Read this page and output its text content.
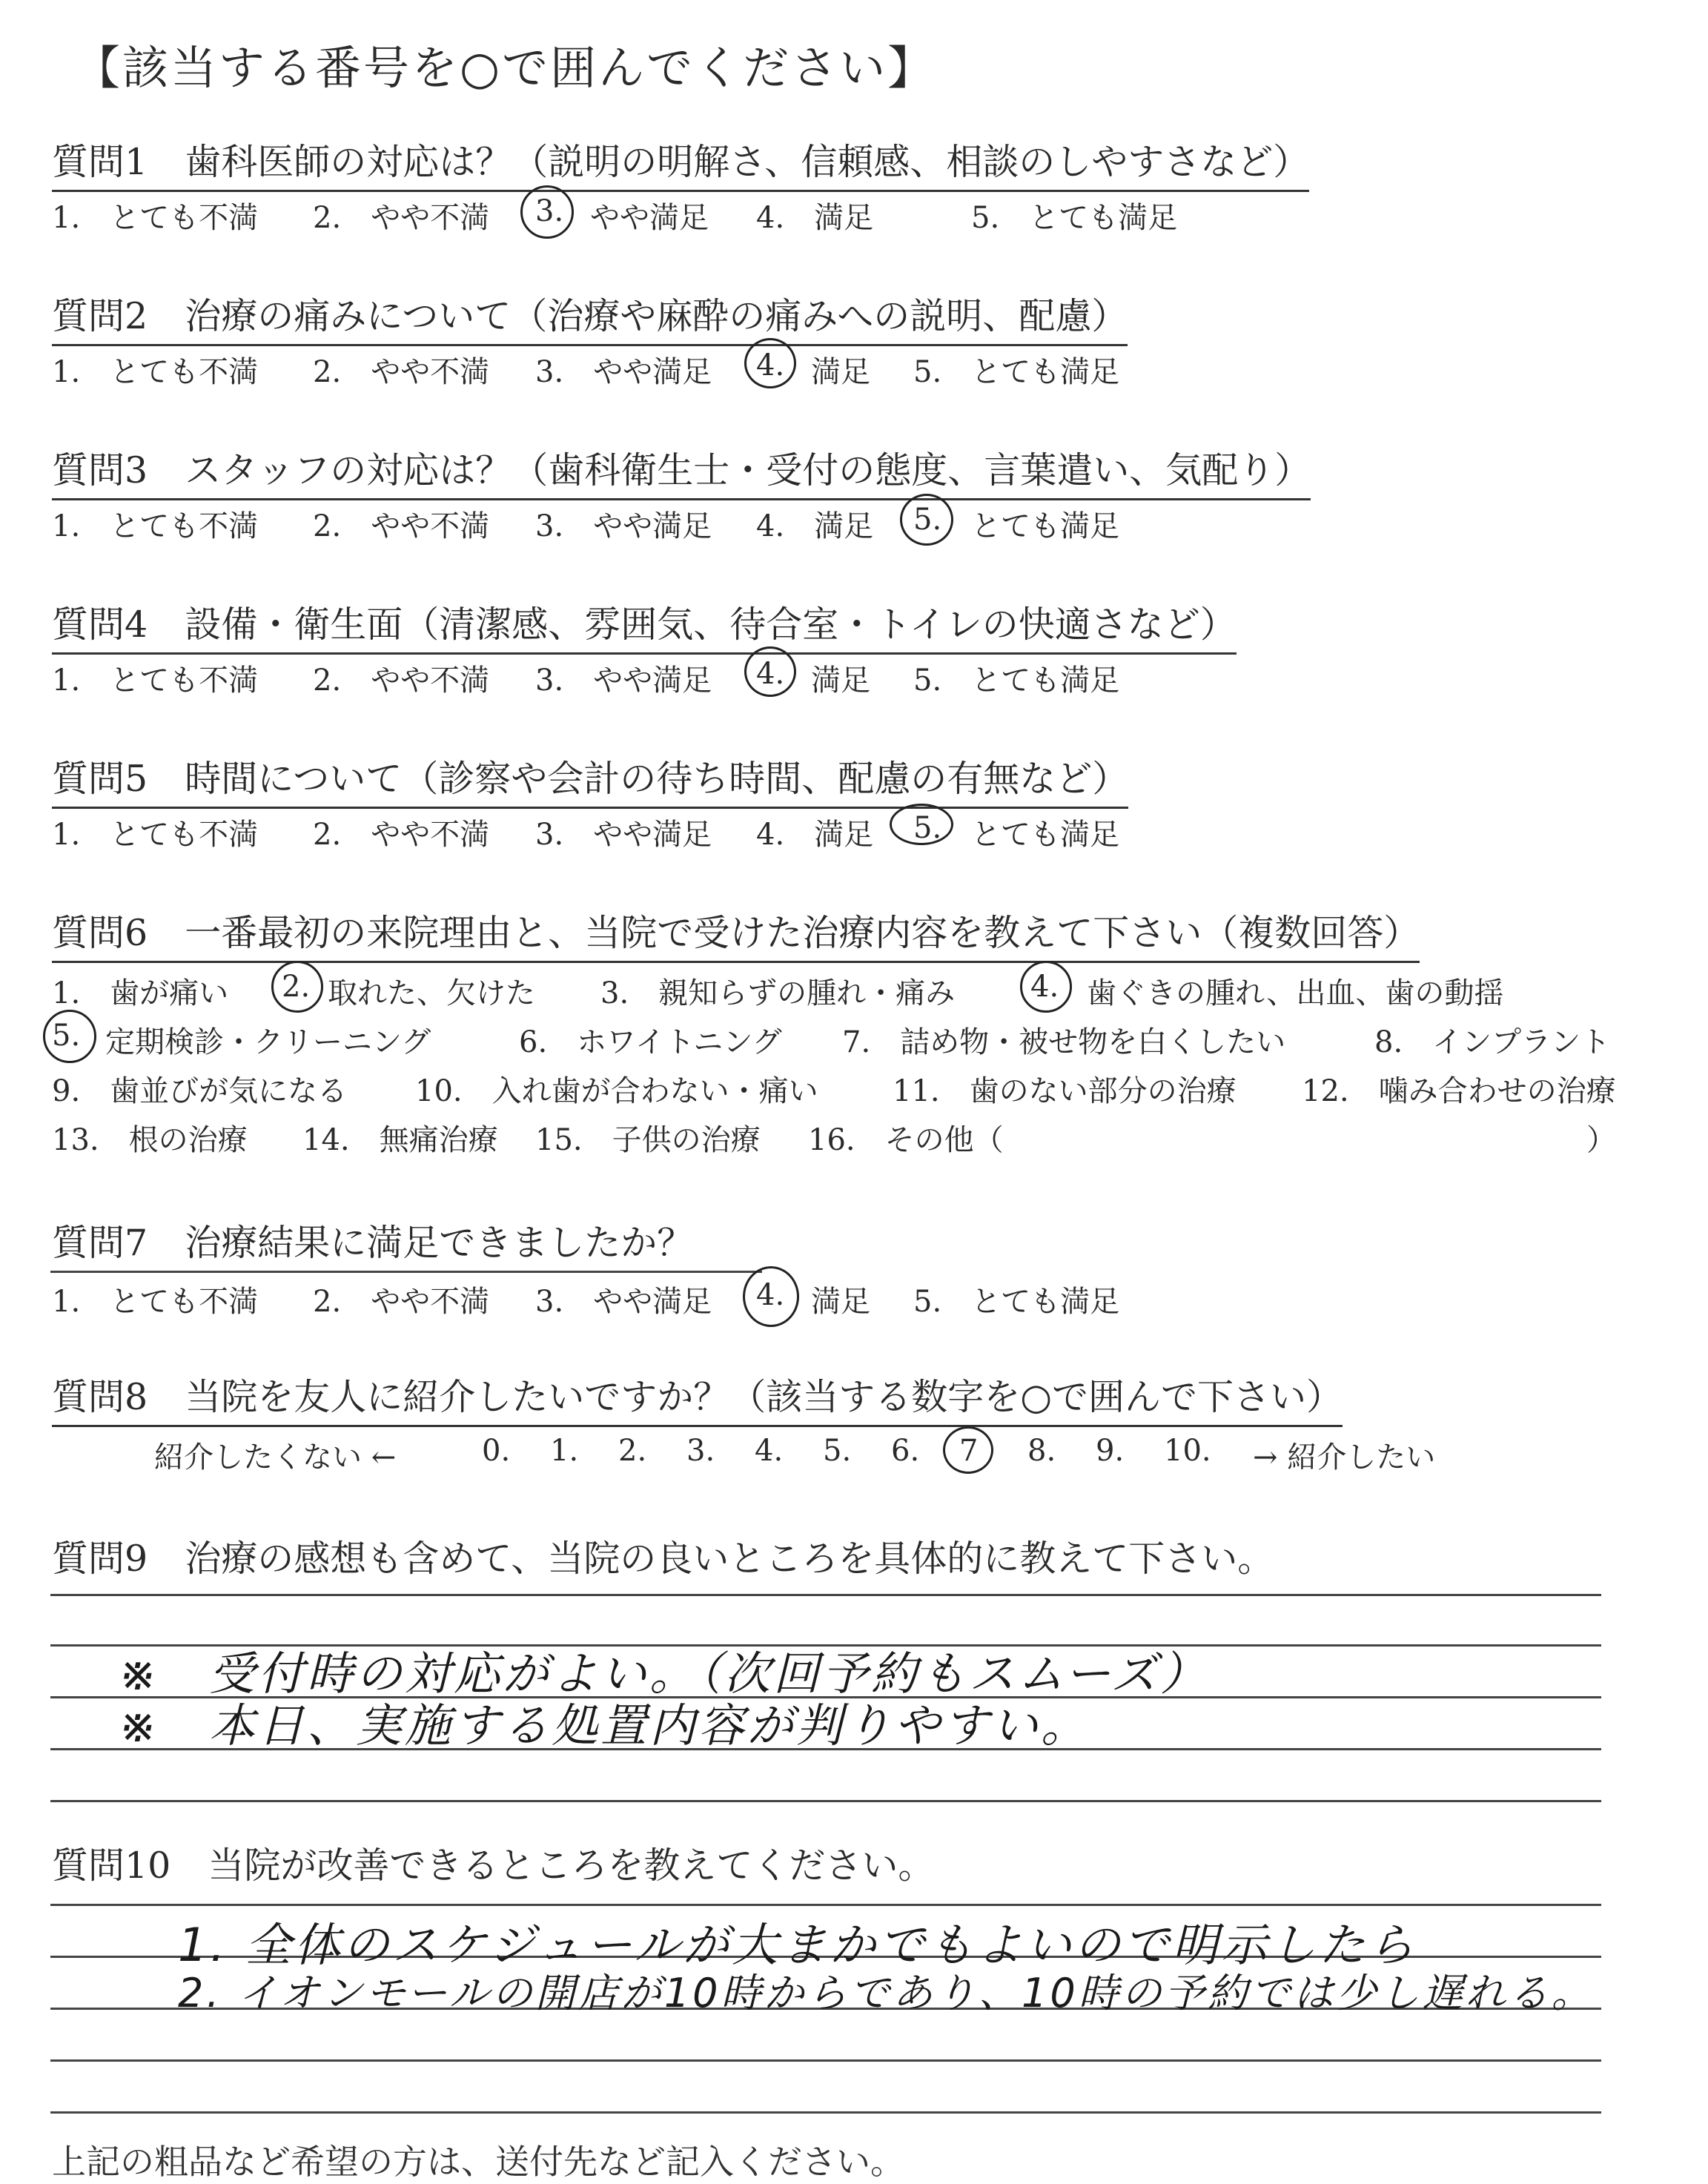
【該当する番号を○で囲んでください】
質問1 歯科医師の対応は？（説明の明解さ、信頼感、相談のしやすさなど）
1.　とても不満 2.　やや不満 3. やや満足 4.　満足	5.　とても満足
質問2 治療の痛みについて（治療や麻酔の痛みへの説明、配慮）
1.　とても不満 2.　やや不満 3.　やや満足 4. 満足 5.　とても満足
質問3 スタッフの対応は？（歯科衛生士・受付の態度、言葉遣い、気配り）
1.　とても不満 2.　やや不満 3.　やや満足 4.　満足 5. とても満足
質問4 設備・衛生面（清潔感、雰囲気、待合室・トイレの快適さなど）
1.　とても不満 2.　やや不満 3.　やや満足 4. 満足 5.　とても満足
質問5 時間について（診察や会計の待ち時間、配慮の有無など）
1.　とても不満 2.　やや不満 3.　やや満足 4.　満足 5. とても満足
質問6 一番最初の来院理由と、当院で受けた治療内容を教えて下さい（複数回答）
1.　歯が痛い 2. 取れた、欠けた 3.　親知らずの腫れ・痛み	4. 歯ぐきの腫れ、出血、歯の動揺
5. 定期検診・クリーニング	6.　ホワイトニング 7.　詰め物・被せ物を白くしたい	8.　インプラント
9.　歯並びが気になる 10.　入れ歯が合わない・痛い	11.　歯のない部分の治療 12.　噛み合わせの治療
13.　根の治療 14.　無痛治療 15.　子供の治療 16.　その他（	）
質問7 治療結果に満足できましたか？
1.　とても不満 2.　やや不満 3.　やや満足 4. 満足 5.　とても満足
質問8 当院を友人に紹介したいですか？（該当する数字を○で囲んで下さい）
紹介したくない ←	0. 1. 2. 3. 4. 5. 6. 7 8. 9. 10. → 紹介したい
質問9 治療の感想も含めて、当院の良いところを具体的に教えて下さい。
※　受付時の対応がよい。（次回予約もスムーズ）
※　本日、実施する処置内容が判りやすい。
質問10 当院が改善できるところを教えてください。
1. 全体のスケジュールが大まかでもよいので明示したら
2. イオンモールの開店が10時からであり、10時の予約では少し遅れる。
上記の粗品など希望の方は、送付先など記入ください。
